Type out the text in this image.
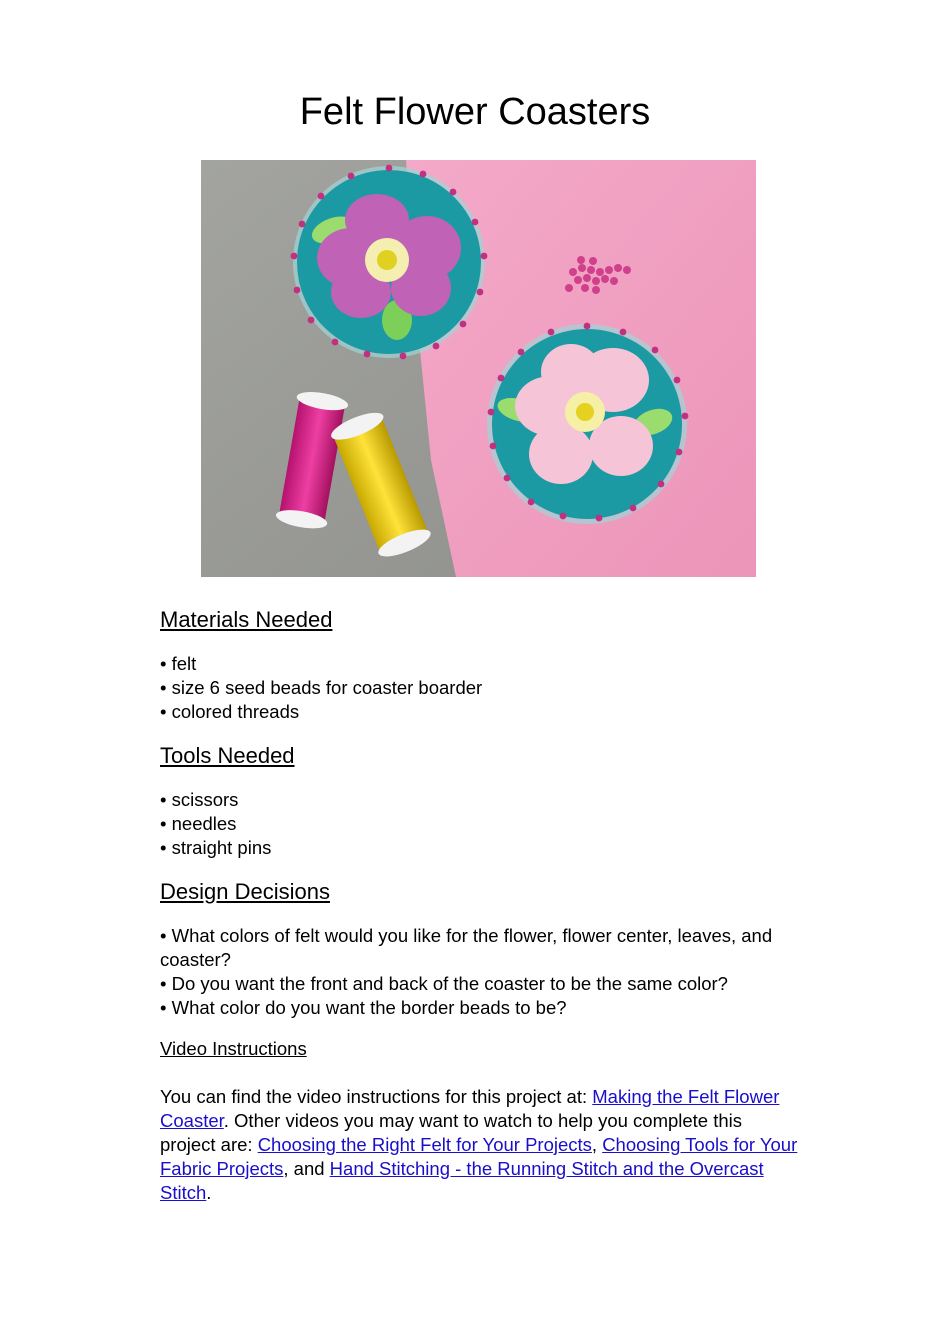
Felt Flower Coasters
Materials Needed
• felt
• size 6 seed beads for coaster boarder
• colored threads
Tools Needed
• scissors
• needles
• straight pins
Design Decisions
• What colors of felt would you like for the flower, flower center, leaves, and coaster?
• Do you want the front and back of the coaster to be the same color?
• What color do you want the border beads to be?
Video Instructions

You can find the video instructions for this project at: Making the Felt Flower Coaster. Other videos you may want to watch to help you complete this project are: Choosing the Right Felt for Your Projects, Choosing Tools for Your Fabric Projects, and Hand Stitching - the Running Stitch and the Overcast Stitch.
